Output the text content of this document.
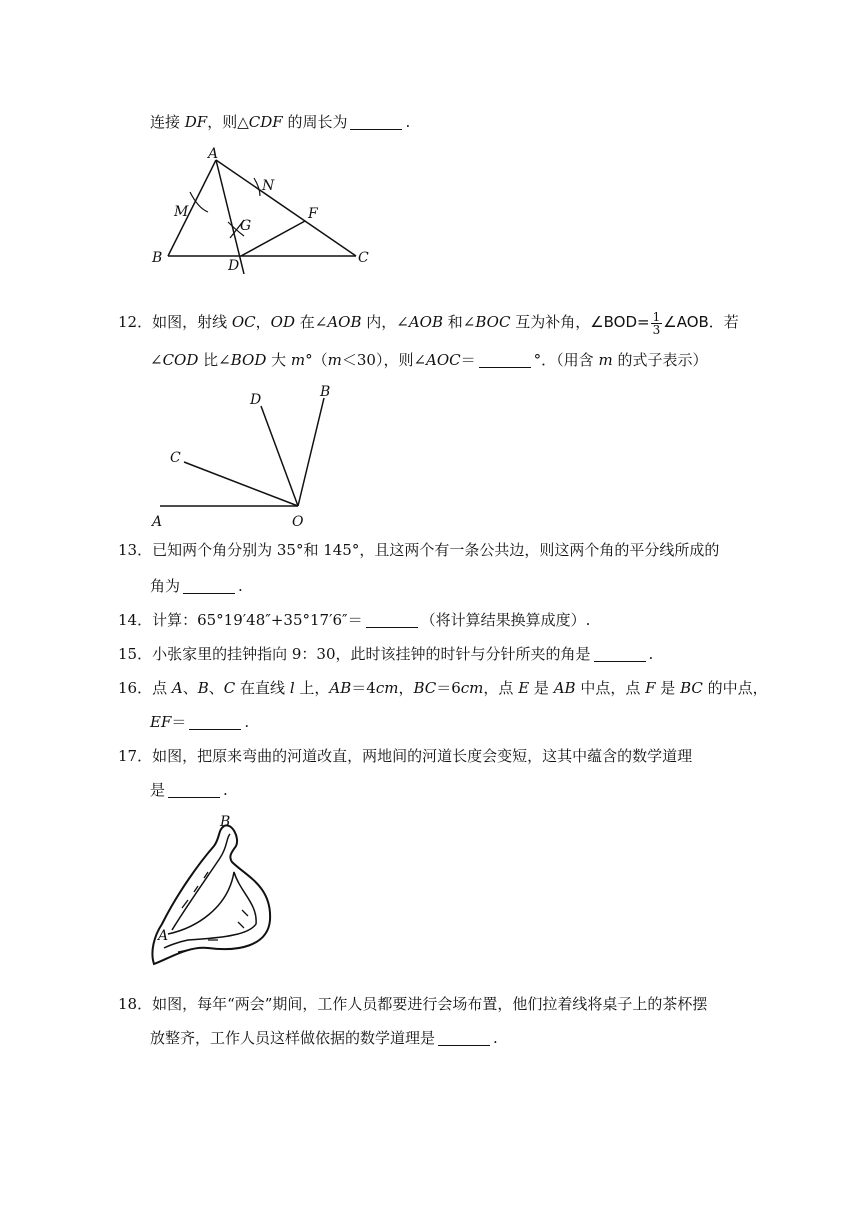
连接 DF，则△CDF 的周长为	.
A
B	C
D
F
G
M
N
12．如图，射线 OC，OD 在∠AOB 内，∠AOB 和∠BOC 互为补角，∠BOD= $\frac{1}{3}$ ∠AOB．若
∠COD 比∠BOD 大 m°（m＜30），则∠AOC＝	°．（用含 m 的式子表示）
A	O
C
D	B
13．已知两个角分别为 35°和 145°，且这两个有一条公共边，则这两个角的平分线所成的
角为	.
14．计算：65°19′48″+35°17′6″＝	（将计算结果换算成度）.
15．小张家里的挂钟指向 9：30，此时该挂钟的时针与分针所夹的角是	.
16．点 A、B、C 在直线 l 上，AB＝4cm，BC＝6cm，点 E 是 AB 中点，点 F 是 BC 的中点，
EF＝	.
17．如图，把原来弯曲的河道改直，两地间的河道长度会变短，这其中蕴含的数学道理
是	.
B
A
18．如图，每年“两会”期间，工作人员都要进行会场布置，他们拉着线将桌子上的茶杯摆
放整齐，工作人员这样做依据的数学道理是	.
